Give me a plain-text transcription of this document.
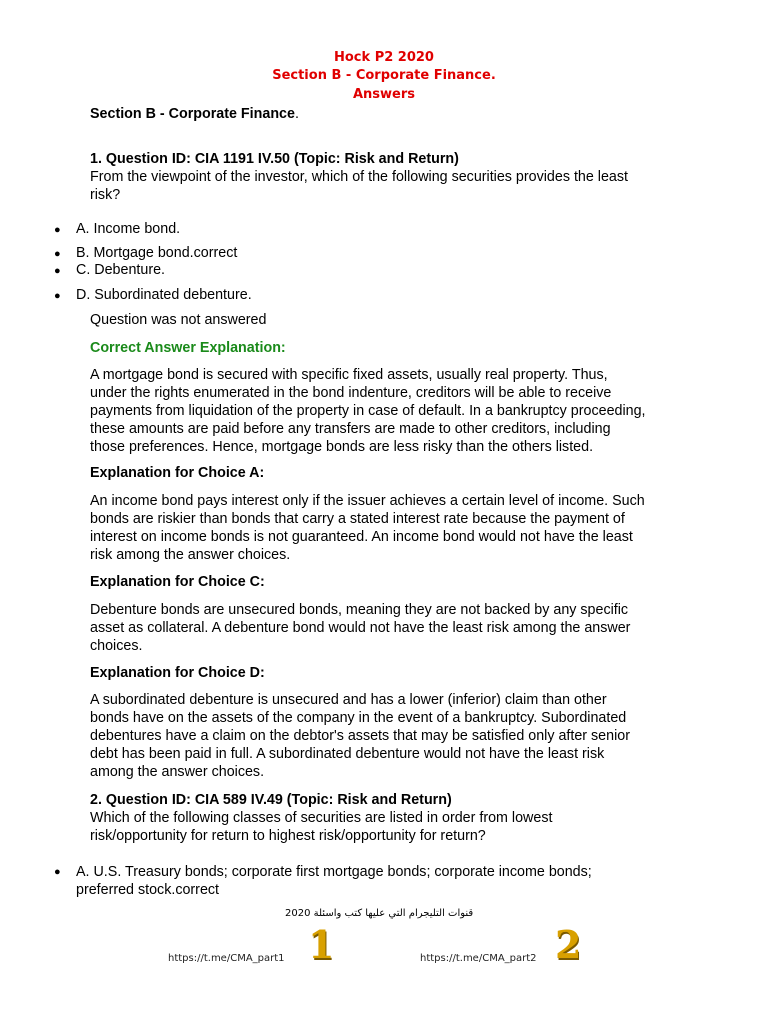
Hock P2 2020
Section B - Corporate Finance.
Answers
Section B - Corporate Finance.
1. Question ID: CIA 1191 IV.50 (Topic: Risk and Return)
From the viewpoint of the investor, which of the following securities provides the least
risk?
● A. Income bond.
● B. Mortgage bond.correct
● C. Debenture.
● D. Subordinated debenture.
Question was not answered
Correct Answer Explanation:
A mortgage bond is secured with specific fixed assets, usually real property. Thus,
under the rights enumerated in the bond indenture, creditors will be able to receive
payments from liquidation of the property in case of default. In a bankruptcy proceeding,
these amounts are paid before any transfers are made to other creditors, including
those preferences. Hence, mortgage bonds are less risky than the others listed.
Explanation for Choice A:
An income bond pays interest only if the issuer achieves a certain level of income. Such
bonds are riskier than bonds that carry a stated interest rate because the payment of
interest on income bonds is not guaranteed. An income bond would not have the least
risk among the answer choices.
Explanation for Choice C:
Debenture bonds are unsecured bonds, meaning they are not backed by any specific
asset as collateral. A debenture bond would not have the least risk among the answer
choices.
Explanation for Choice D:
A subordinated debenture is unsecured and has a lower (inferior) claim than other
bonds have on the assets of the company in the event of a bankruptcy. Subordinated
debentures have a claim on the debtor's assets that may be satisfied only after senior
debt has been paid in full. A subordinated debenture would not have the least risk
among the answer choices.
2. Question ID: CIA 589 IV.49 (Topic: Risk and Return)
Which of the following classes of securities are listed in order from lowest
risk/opportunity for return to highest risk/opportunity for return?
● A. U.S. Treasury bonds; corporate first mortgage bonds; corporate income bonds;
preferred stock.correct
قنوات التليجرام التي عليها كتب واسئلة 2020
1	2
https://t.me/CMA_part1	https://t.me/CMA_part2
